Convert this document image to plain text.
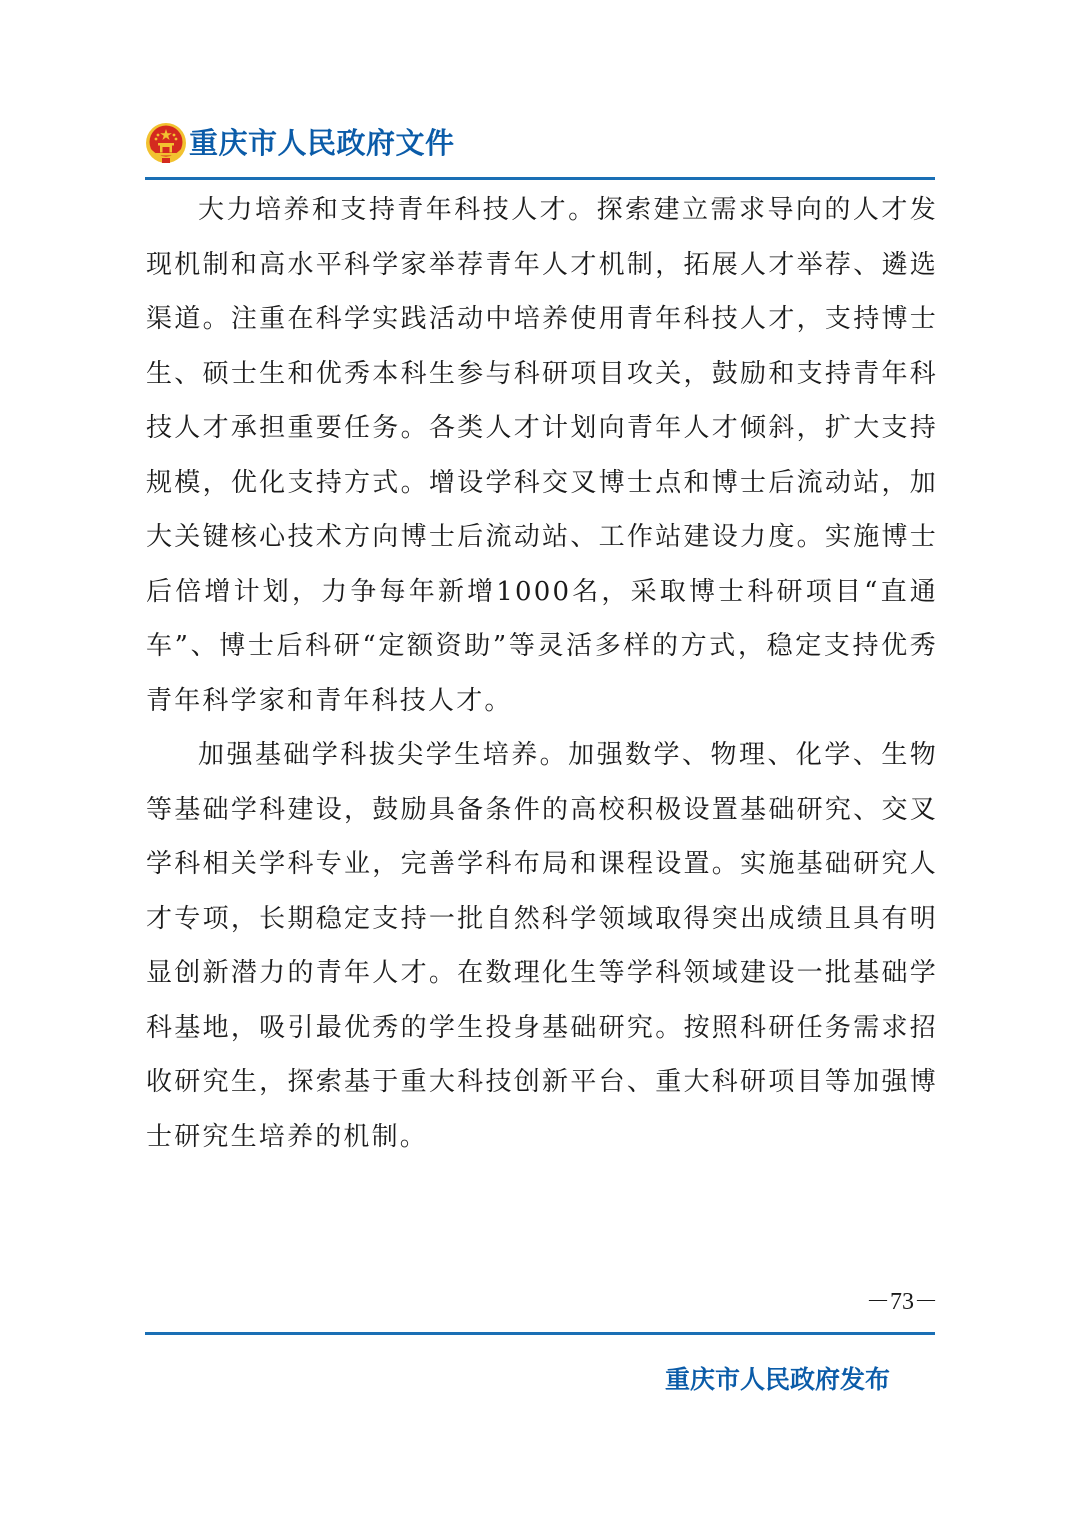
重庆市人民政府文件

大力培养和支持青年科技人才。探索建立需求导向的人才发现机制和高水平科学家举荐青年人才机制，拓展人才举荐、遴选渠道。注重在科学实践活动中培养使用青年科技人才，支持博士生、硕士生和优秀本科生参与科研项目攻关，鼓励和支持青年科技人才承担重要任务。各类人才计划向青年人才倾斜，扩大支持规模，优化支持方式。增设学科交叉博士点和博士后流动站，加大关键核心技术方向博士后流动站、工作站建设力度。实施博士后倍增计划，力争每年新增1000名，采取博士科研项目“直通车”、博士后科研“定额资助”等灵活多样的方式，稳定支持优秀青年科学家和青年科技人才。

加强基础学科拔尖学生培养。加强数学、物理、化学、生物等基础学科建设，鼓励具备条件的高校积极设置基础研究、交叉学科相关学科专业，完善学科布局和课程设置。实施基础研究人才专项，长期稳定支持一批自然科学领域取得突出成绩且具有明显创新潜力的青年人才。在数理化生等学科领域建设一批基础学科基地，吸引最优秀的学生投身基础研究。按照科研任务需求招收研究生，探索基于重大科技创新平台、重大科研项目等加强博士研究生培养的机制。

－73－
重庆市人民政府发布
